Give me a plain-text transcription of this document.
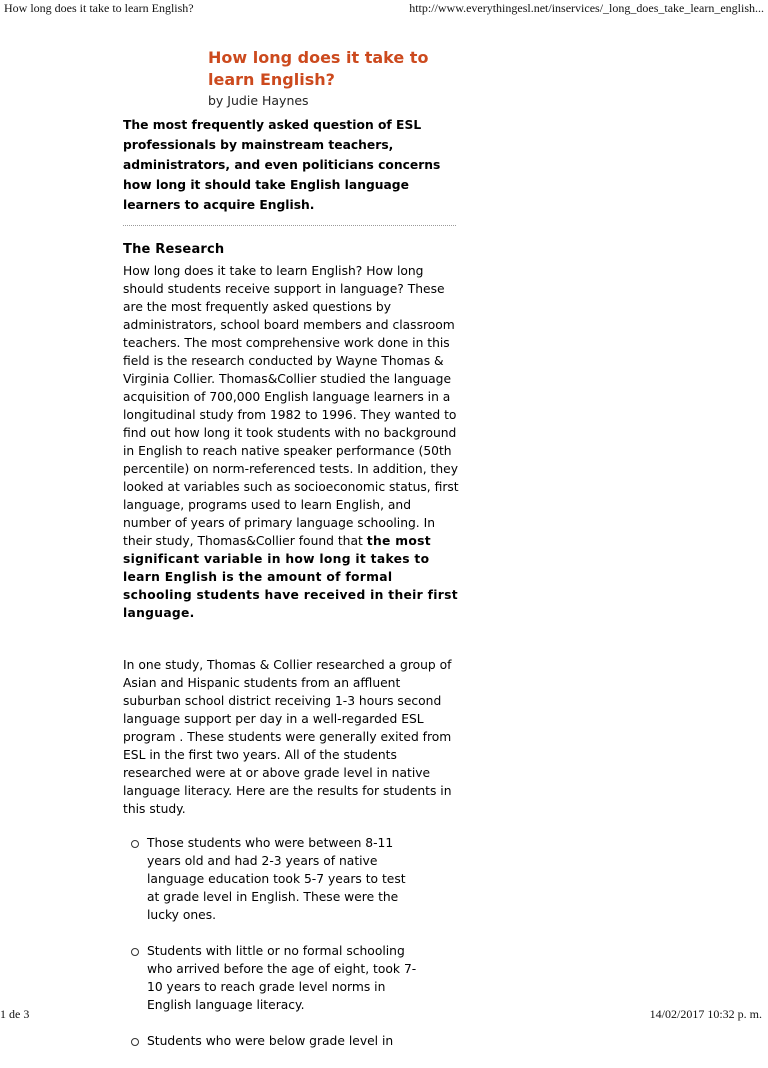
How long does it take to learn English?	http://www.everythingesl.net/inservices/_long_does_take_learn_english...
How long does it take to learn English?
by Judie Haynes
The most frequently asked question of ESL professionals by mainstream teachers, administrators, and even politicians concerns how long it should take English language learners to acquire English.
The Research
How long does it take to learn English? How long should students receive support in language? These are the most frequently asked questions by administrators, school board members and classroom teachers. The most comprehensive work done in this field is the research conducted by Wayne Thomas & Virginia Collier. Thomas&Collier studied the language acquisition of 700,000 English language learners in a longitudinal study from 1982 to 1996. They wanted to find out how long it took students with no background in English to reach native speaker performance (50th percentile) on norm-referenced tests. In addition, they looked at variables such as socioeconomic status, first language, programs used to learn English, and number of years of primary language schooling. In their study, Thomas&Collier found that the most significant variable in how long it takes to learn English is the amount of formal schooling students have received in their first language.
In one study, Thomas & Collier researched a group of Asian and Hispanic students from an affluent suburban school district receiving 1-3 hours second language support per day in a well-regarded ESL program . These students were generally exited from ESL in the first two years. All of the students researched were at or above grade level in native language literacy. Here are the results for students in this study.
Those students who were between 8-11 years old and had 2-3 years of native language education took 5-7 years to test at grade level in English. These were the lucky ones.
Students with little or no formal schooling who arrived before the age of eight, took 7-10 years to reach grade level norms in English language literacy.
Students who were below grade level in
1 de 3	14/02/2017 10:32 p. m.
